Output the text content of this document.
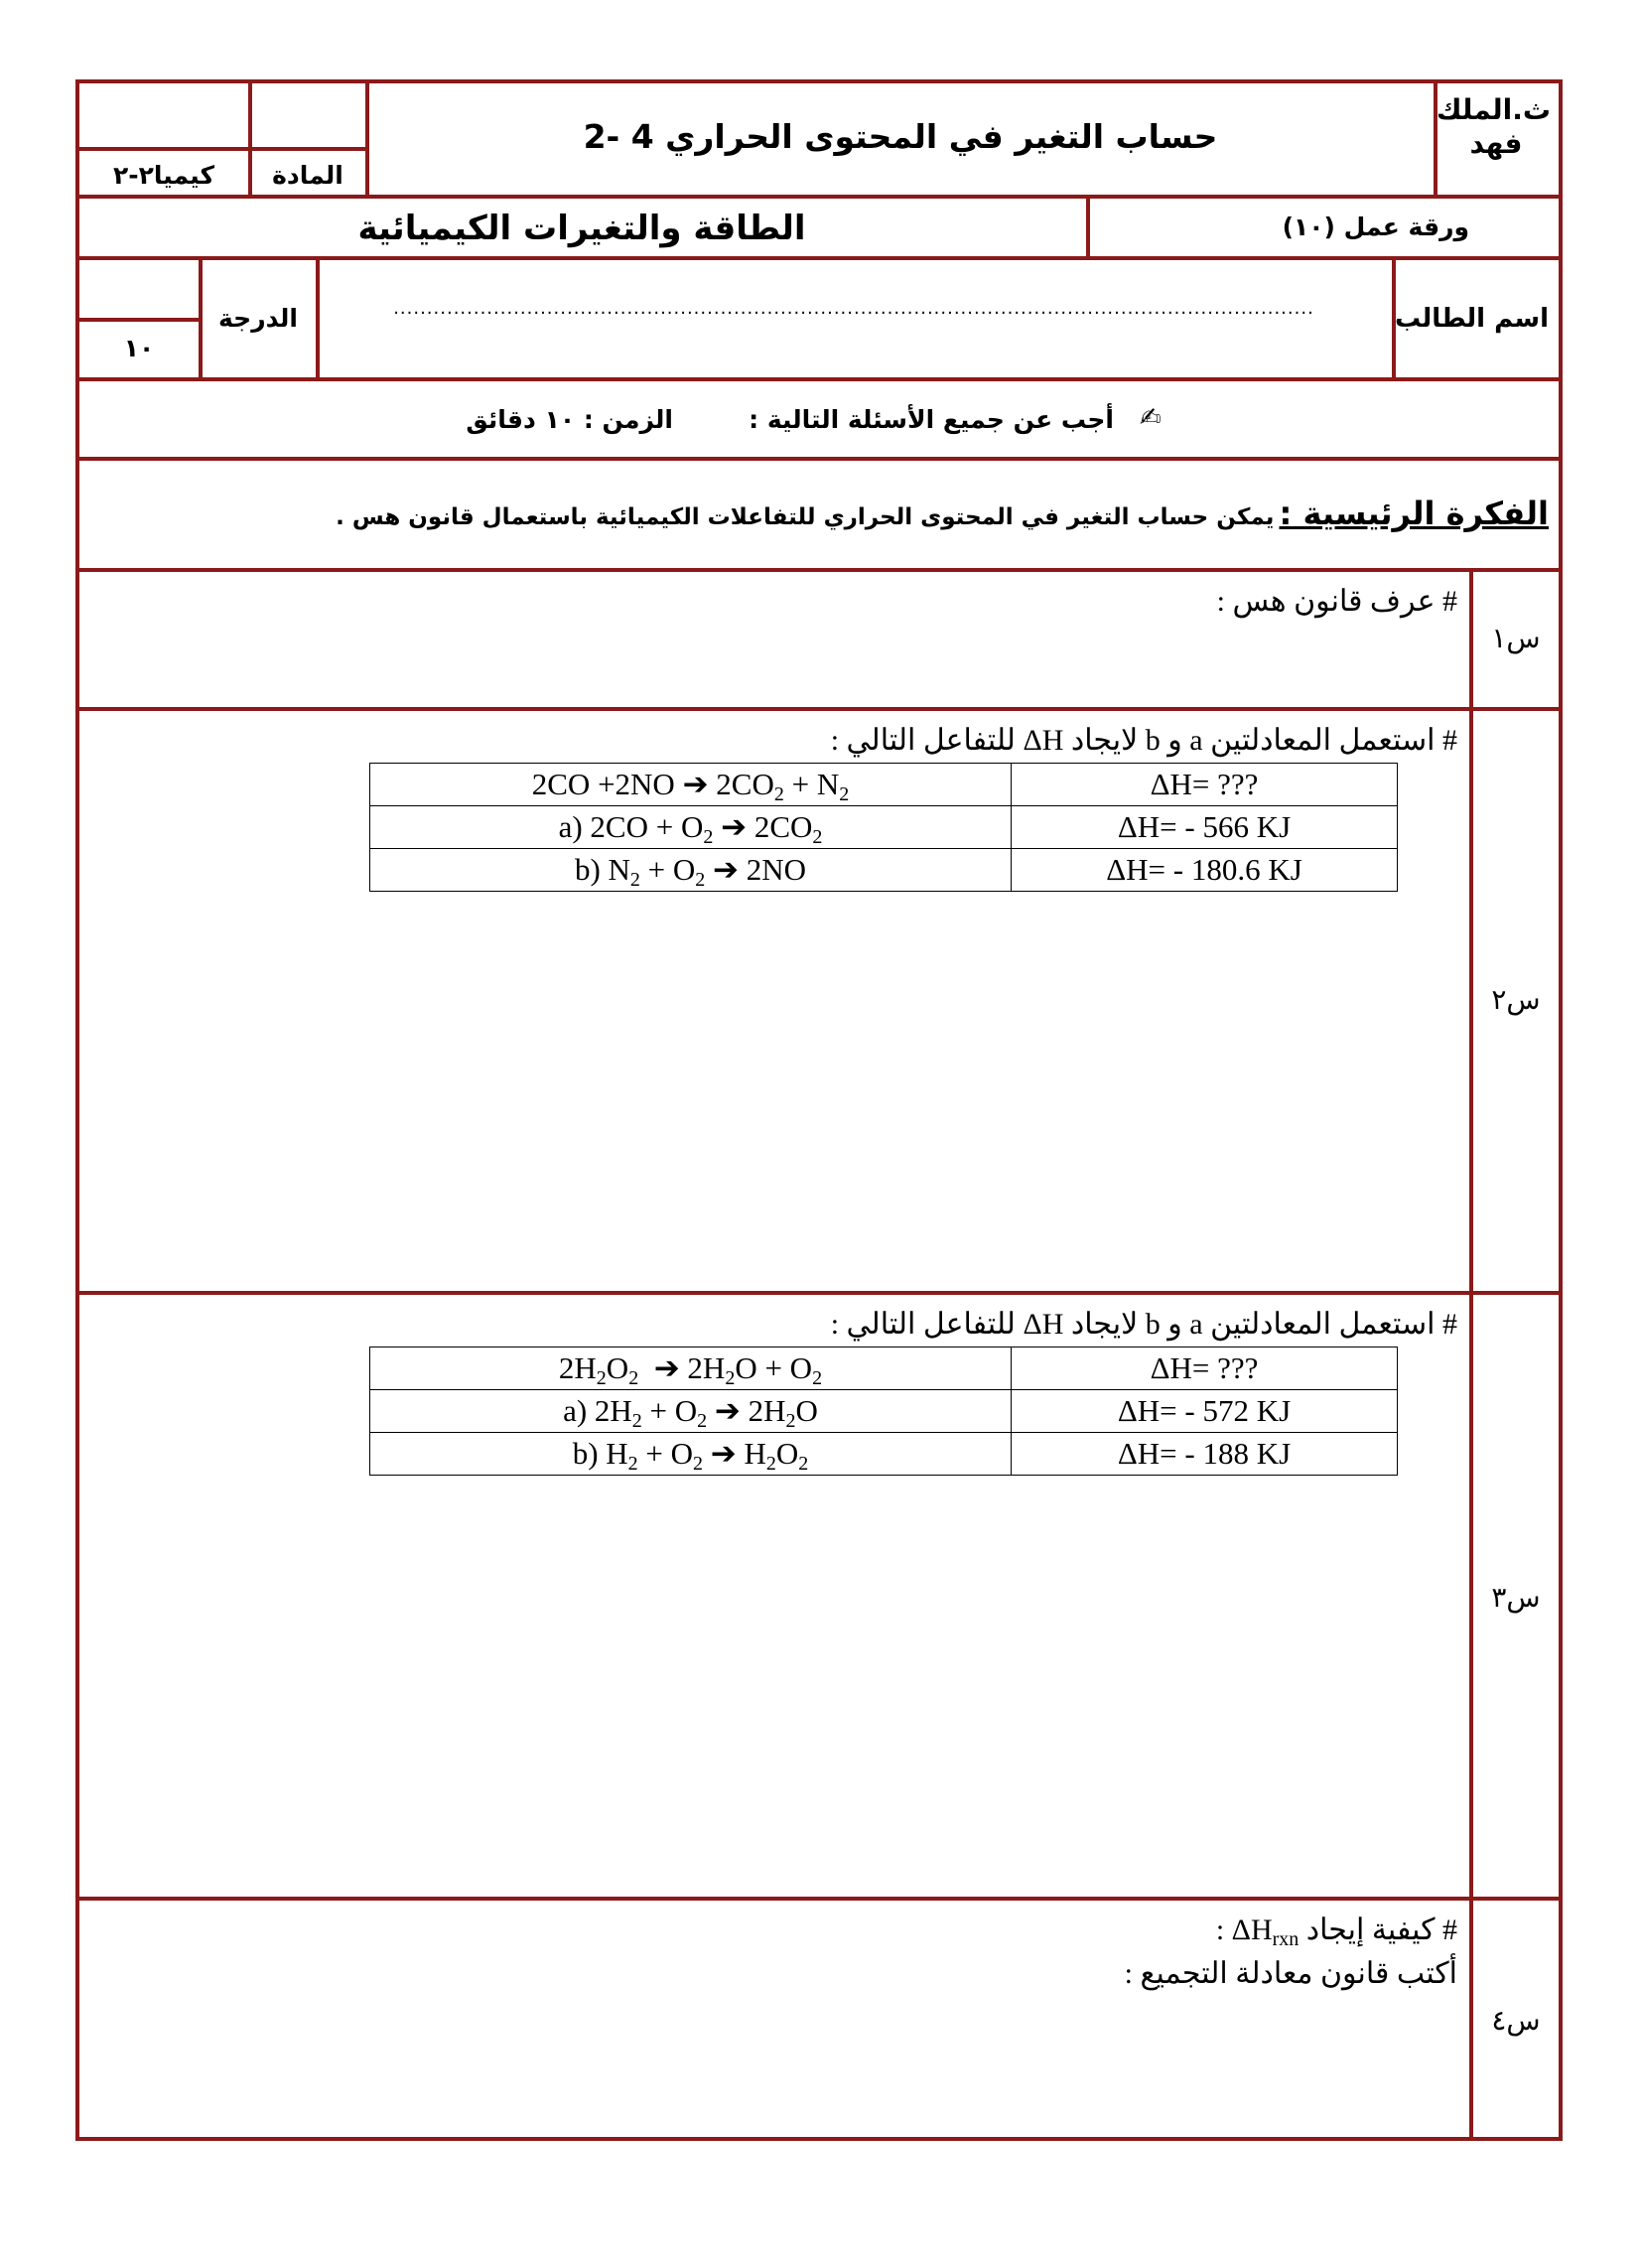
ث.الملك فهد
حساب التغير في المحتوى الحراري 4 -2
المادة
كيميا٢-٢
الطاقة والتغيرات الكيميائية	ورقة عمل (١٠)
اسم الطالب
..........................................................................................................................................
الدرجة
١٠
✍
أجب عن جميع الأسئلة التالية :
الزمن : ١٠ دقائق
الفكرة الرئيسية : يمكن حساب التغير في المحتوى الحراري للتفاعلات الكيميائية باستعمال قانون هس .
س١
# عرف قانون هس :
س٢
# استعمل المعادلتين a و b لايجاد ΔH للتفاعل التالي :
2CO +2NO ➔ $2CO_2 + N_2$	ΔH= ???
a) $2CO + O_2$ ➔ $2CO_2$	ΔH= - 566 KJ
b) $N_2 + O_2$ ➔ 2NO	ΔH= - 180.6 KJ
س٣
# استعمل المعادلتين a و b لايجاد ΔH للتفاعل التالي :
$2H_2O_2$  ➔ $2H_2O + O_2$	ΔH= ???
a) $2H_2 + O_2$ ➔ $2H_2O$	ΔH= - 572 KJ
b) $H_2 + O_2$ ➔ $H_2O_2$	ΔH= - 188 KJ
س٤
# كيفية إيجاد $\Delta H_{rxn}$ :
أكتب قانون معادلة التجميع :
